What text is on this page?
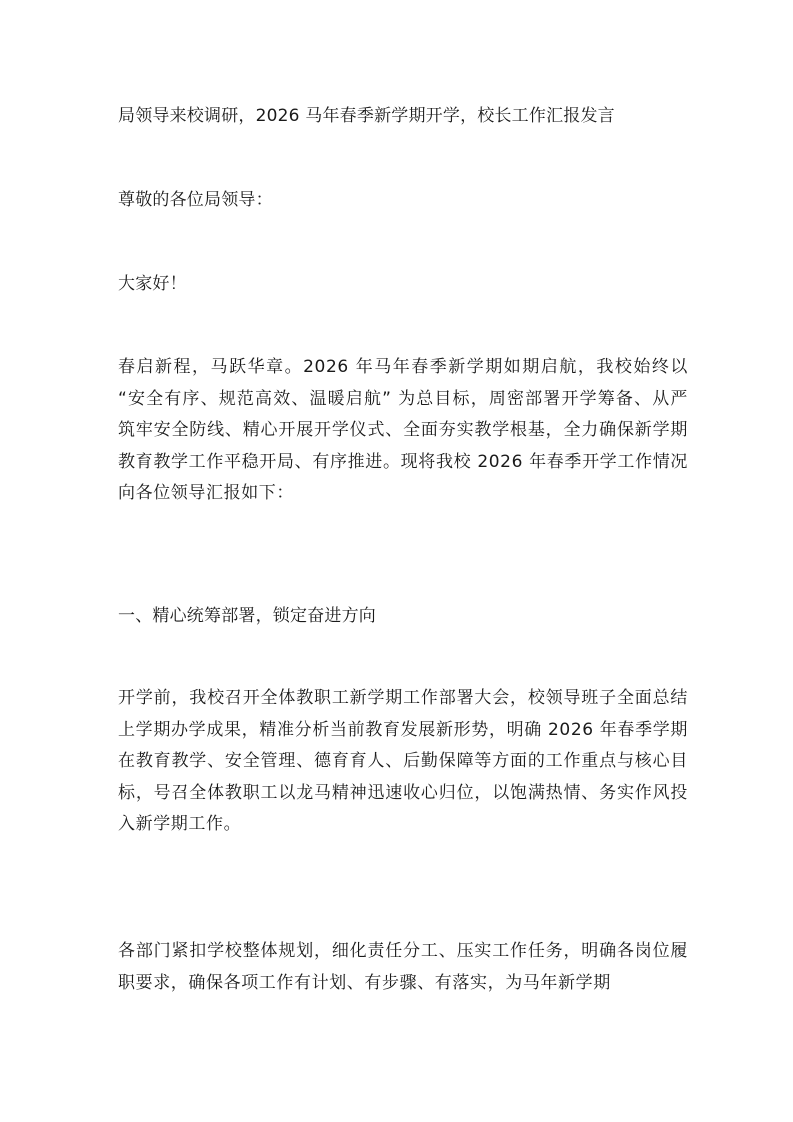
局领导来校调研，2026 马年春季新学期开学，校长工作汇报发言
尊敬的各位局领导：
大家好！
春启新程，马跃华章。2026 年马年春季新学期如期启航，我校始终以 “安全有序、规范高效、温暖启航” 为总目标，周密部署开学筹备、从严筑牢安全防线、精心开展开学仪式、全面夯实教学根基，全力确保新学期教育教学工作平稳开局、有序推进。现将我校 2026 年春季开学工作情况向各位领导汇报如下：
一、精心统筹部署，锁定奋进方向
开学前，我校召开全体教职工新学期工作部署大会，校领导班子全面总结上学期办学成果，精准分析当前教育发展新形势，明确 2026 年春季学期在教育教学、安全管理、德育育人、后勤保障等方面的工作重点与核心目标，号召全体教职工以龙马精神迅速收心归位，以饱满热情、务实作风投入新学期工作。
各部门紧扣学校整体规划，细化责任分工、压实工作任务，明确各岗位履职要求，确保各项工作有计划、有步骤、有落实，为马年新学期
